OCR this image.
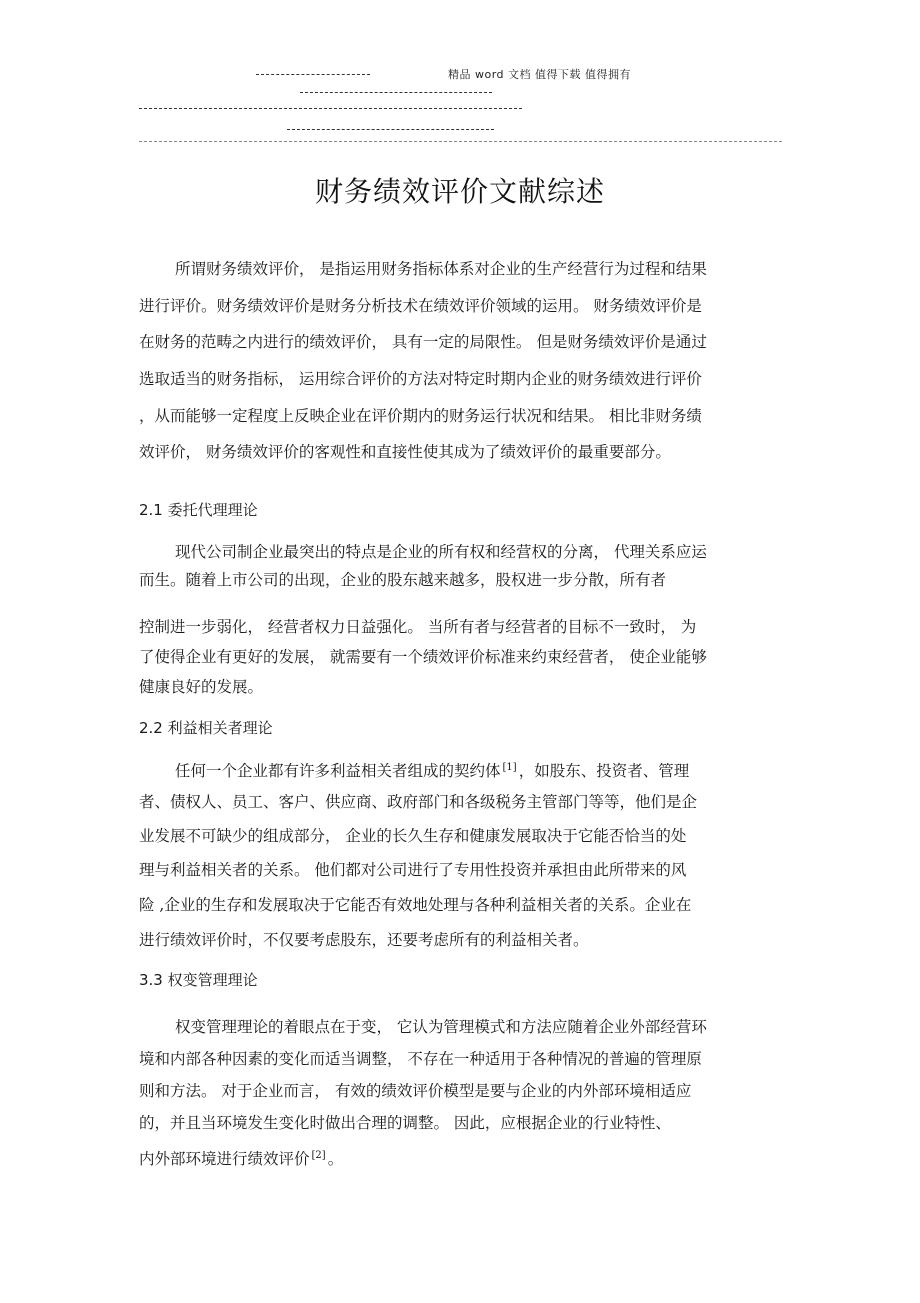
精品 word 文档 值得下载 值得拥有
财务绩效评价文献综述
所谓财务绩效评价， 是指运用财务指标体系对企业的生产经营行为过程和结果
进行评价。财务绩效评价是财务分析技术在绩效评价领域的运用。 财务绩效评价是
在财务的范畴之内进行的绩效评价， 具有一定的局限性。 但是财务绩效评价是通过
选取适当的财务指标， 运用综合评价的方法对特定时期内企业的财务绩效进行评价
，从而能够一定程度上反映企业在评价期内的财务运行状况和结果。 相比非财务绩
效评价， 财务绩效评价的客观性和直接性使其成为了绩效评价的最重要部分。
2.1 委托代理理论
现代公司制企业最突出的特点是企业的所有权和经营权的分离， 代理关系应运
而生。随着上市公司的出现，企业的股东越来越多，股权进一步分散，所有者
控制进一步弱化， 经营者权力日益强化。 当所有者与经营者的目标不一致时， 为
了使得企业有更好的发展， 就需要有一个绩效评价标准来约束经营者， 使企业能够
健康良好的发展。
2.2 利益相关者理论
任何一个企业都有许多利益相关者组成的契约体 [1] ，如股东、投资者、管理
者、债权人、员工、客户、供应商、政府部门和各级税务主管部门等等，他们是企
业发展不可缺少的组成部分， 企业的长久生存和健康发展取决于它能否恰当的处
理与利益相关者的关系。 他们都对公司进行了专用性投资并承担由此所带来的风
险 ,企业的生存和发展取决于它能否有效地处理与各种利益相关者的关系。企业在
进行绩效评价时，不仅要考虑股东，还要考虑所有的利益相关者。
3.3 权变管理理论
权变管理理论的着眼点在于变， 它认为管理模式和方法应随着企业外部经营环
境和内部各种因素的变化而适当调整， 不存在一种适用于各种情况的普遍的管理原
则和方法。 对于企业而言， 有效的绩效评价模型是要与企业的内外部环境相适应
的，并且当环境发生变化时做出合理的调整。 因此，应根据企业的行业特性、
内外部环境进行绩效评价 [2] 。
